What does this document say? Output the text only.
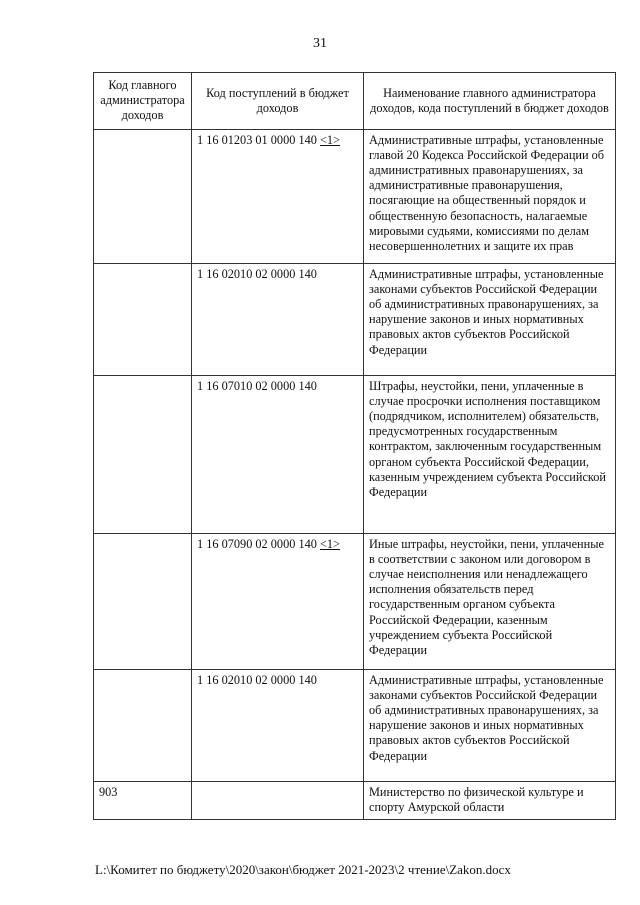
31
Код главного администратора доходов	Код поступлений в бюджет доходов	Наименование главного администратора доходов, кода поступлений в бюджет доходов
	1 16 01203 01 0000 140 <1>	Административные штрафы, установленные главой 20 Кодекса Российской Федерации об административных правонарушениях, за административные правонарушения, посягающие на общественный порядок и общественную безопасность, налагаемые мировыми судьями, комиссиями по делам несовершеннолетних и защите их прав
	1 16 02010 02 0000 140	Административные штрафы, установленные законами субъектов Российской Федерации об административных правонарушениях, за нарушение законов и иных нормативных правовых актов субъектов Российской Федерации
	1 16 07010 02 0000 140	Штрафы, неустойки, пени, уплаченные в случае просрочки исполнения поставщиком (подрядчиком, исполнителем) обязательств, предусмотренных государственным контрактом, заключенным государственным органом субъекта Российской Федерации, казенным учреждением субъекта Российской Федерации
	1 16 07090 02 0000 140 <1>	Иные штрафы, неустойки, пени, уплаченные в соответствии с законом или договором в случае неисполнения или ненадлежащего исполнения обязательств перед государственным органом субъекта Российской Федерации, казенным учреждением субъекта Российской Федерации
	1 16 02010 02 0000 140	Административные штрафы, установленные законами субъектов Российской Федерации об административных правонарушениях, за нарушение законов и иных нормативных правовых актов субъектов Российской Федерации
903		Министерство по физической культуре и спорту Амурской области
L:\Комитет по бюджету\2020\закон\бюджет 2021-2023\2 чтение\Zakon.docx
